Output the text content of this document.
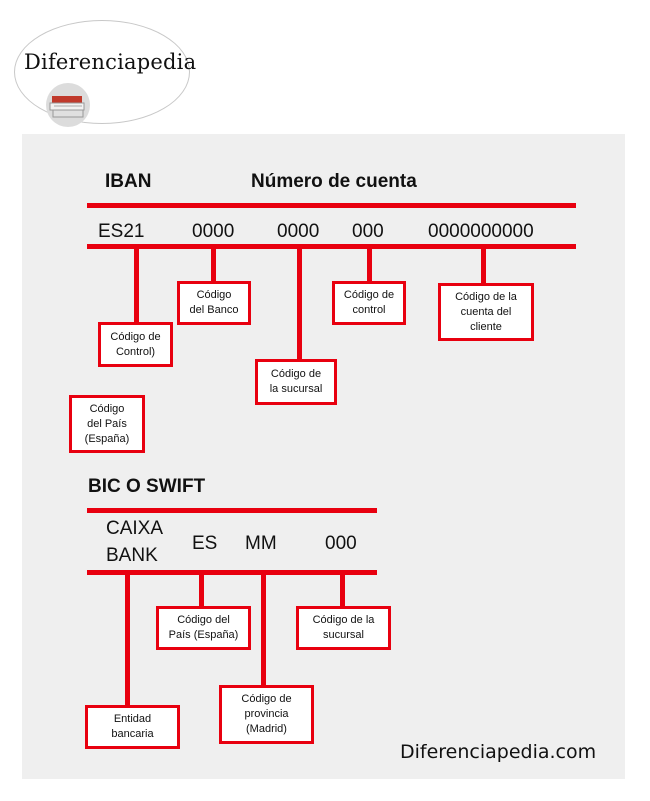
Diferenciapedia
IBAN	Número de cuenta
ES21	0000 0000 000 0000000000
Código de
Control)
Código
del Banco
Código de
la sucursal
Código de
control
Código de la
cuenta del
cliente
Código
del País
(España)
BIC O SWIFT
CAIXA
BANK
ES MM	000
Código del
País (España)
Código de la
sucursal
Código de
provincia
(Madrid)
Entidad
bancaria
Diferenciapedia.com
